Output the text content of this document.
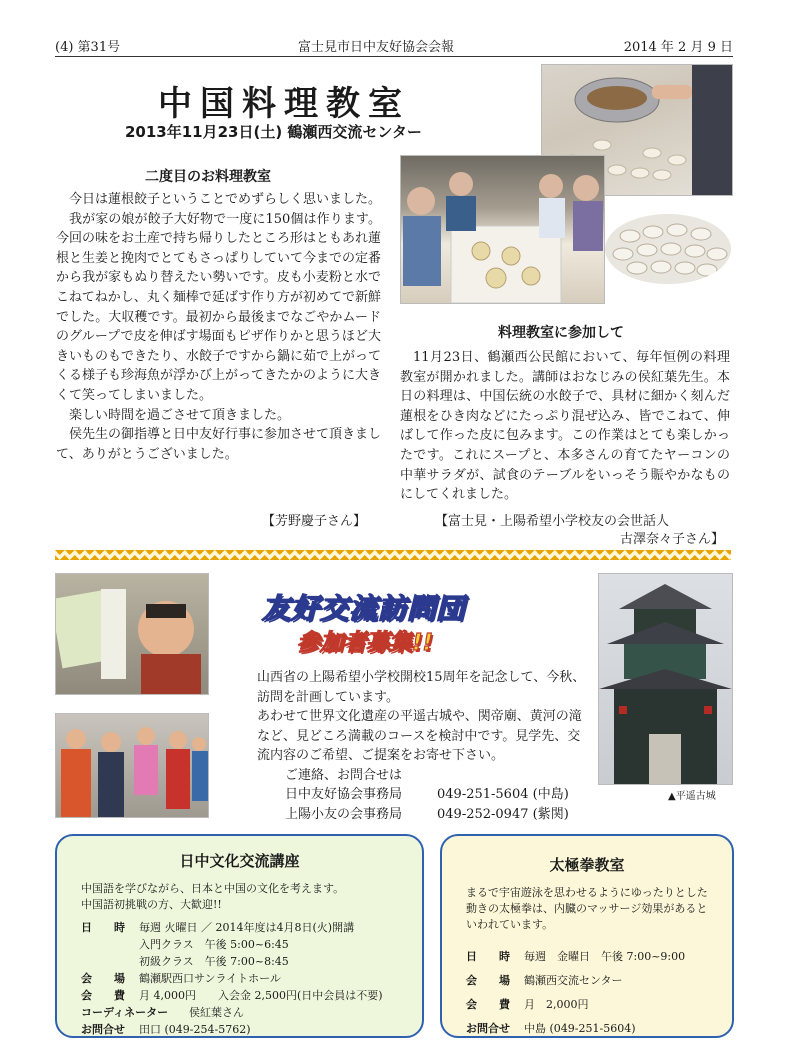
(4) 第31号	富士見市日中友好協会会報	2014 年 2 月 9 日
中国料理教室
2013年11月23日(土) 鶴瀬西交流センター
二度目のお料理教室

今日は蓮根餃子ということでめずらしく思いました。

我が家の娘が餃子大好物で一度に150個は作ります。今回の味をお土産で持ち帰りしたところ形はともあれ蓮根と生姜と挽肉でとてもさっぱりしていて今までの定番から我が家もぬり替えたい勢いです。皮も小麦粉と水でこねてねかし、丸く麺棒で延ばす作り方が初めてで新鮮でした。大収穫です。最初から最後までなごやかムードのグループで皮を伸ばす場面もピザ作りかと思うほど大きいものもできたり、水餃子ですから鍋に茹で上がってくる様子も珍海魚が浮かび上がってきたかのように大きくて笑ってしまいました。

楽しい時間を過ごさせて頂きました。

侯先生の御指導と日中友好行事に参加させて頂きまして、ありがとうございました。

【芳野慶子さん】
料理教室に参加して

11月23日、鶴瀬西公民館において、毎年恒例の料理教室が開かれました。講師はおなじみの侯紅葉先生。本日の料理は、中国伝統の水餃子で、具材に細かく刻んだ蓮根をひき肉などにたっぷり混ぜ込み、皆でこねて、伸ばして作った皮に包みます。この作業はとても楽しかったです。これにスープと、本多さんの育てたヤーコンの中華サラダが、試食のテーブルをいっそう賑やかなものにしてくれました。

【富士見・上陽希望小学校友の会世話人
古澤奈々子さん】
▲平遥古城
友好交流訪問団
参加者募集!!
山西省の上陽希望小学校開校15周年を記念して、今秋、
訪問を計画しています。
あわせて世界文化遺産の平遥古城や、関帝廟、黄河の滝
など、見どころ満載のコースを検討中です。見学先、交
流内容のご希望、ご提案をお寄せ下さい。
ご連絡、お問合せは
日中友好協会事務局	049-251-5604 (中島)
上陽小友の会事務局	049-252-0947 (紫関)
日中文化交流講座
中国語を学びながら、日本と中国の文化を考えます。
中国語初挑戦の方、大歓迎!!
日　　時 毎週 火曜日 ／ 2014年度は4月8日(火)開講
入門クラス　午後 5:00~6:45
初級クラス　午後 7:00~8:45
会　　場 鶴瀬駅西口サンライトホール
会　　費 月 4,000円　　入会金 2,500円(日中会員は不要)
コーディネーター 侯紅葉さん
お問合せ 田口 (049-254-5762)
太極拳教室
まるで宇宙遊泳を思わせるようにゆったりとした
動きの太極拳は、内臓のマッサージ効果があると
いわれています。
日　　時 毎週　金曜日　午後 7:00~9:00
会　　場 鶴瀬西交流センター
会　　費 月　2,000円
お問合せ 中島 (049-251-5604)
